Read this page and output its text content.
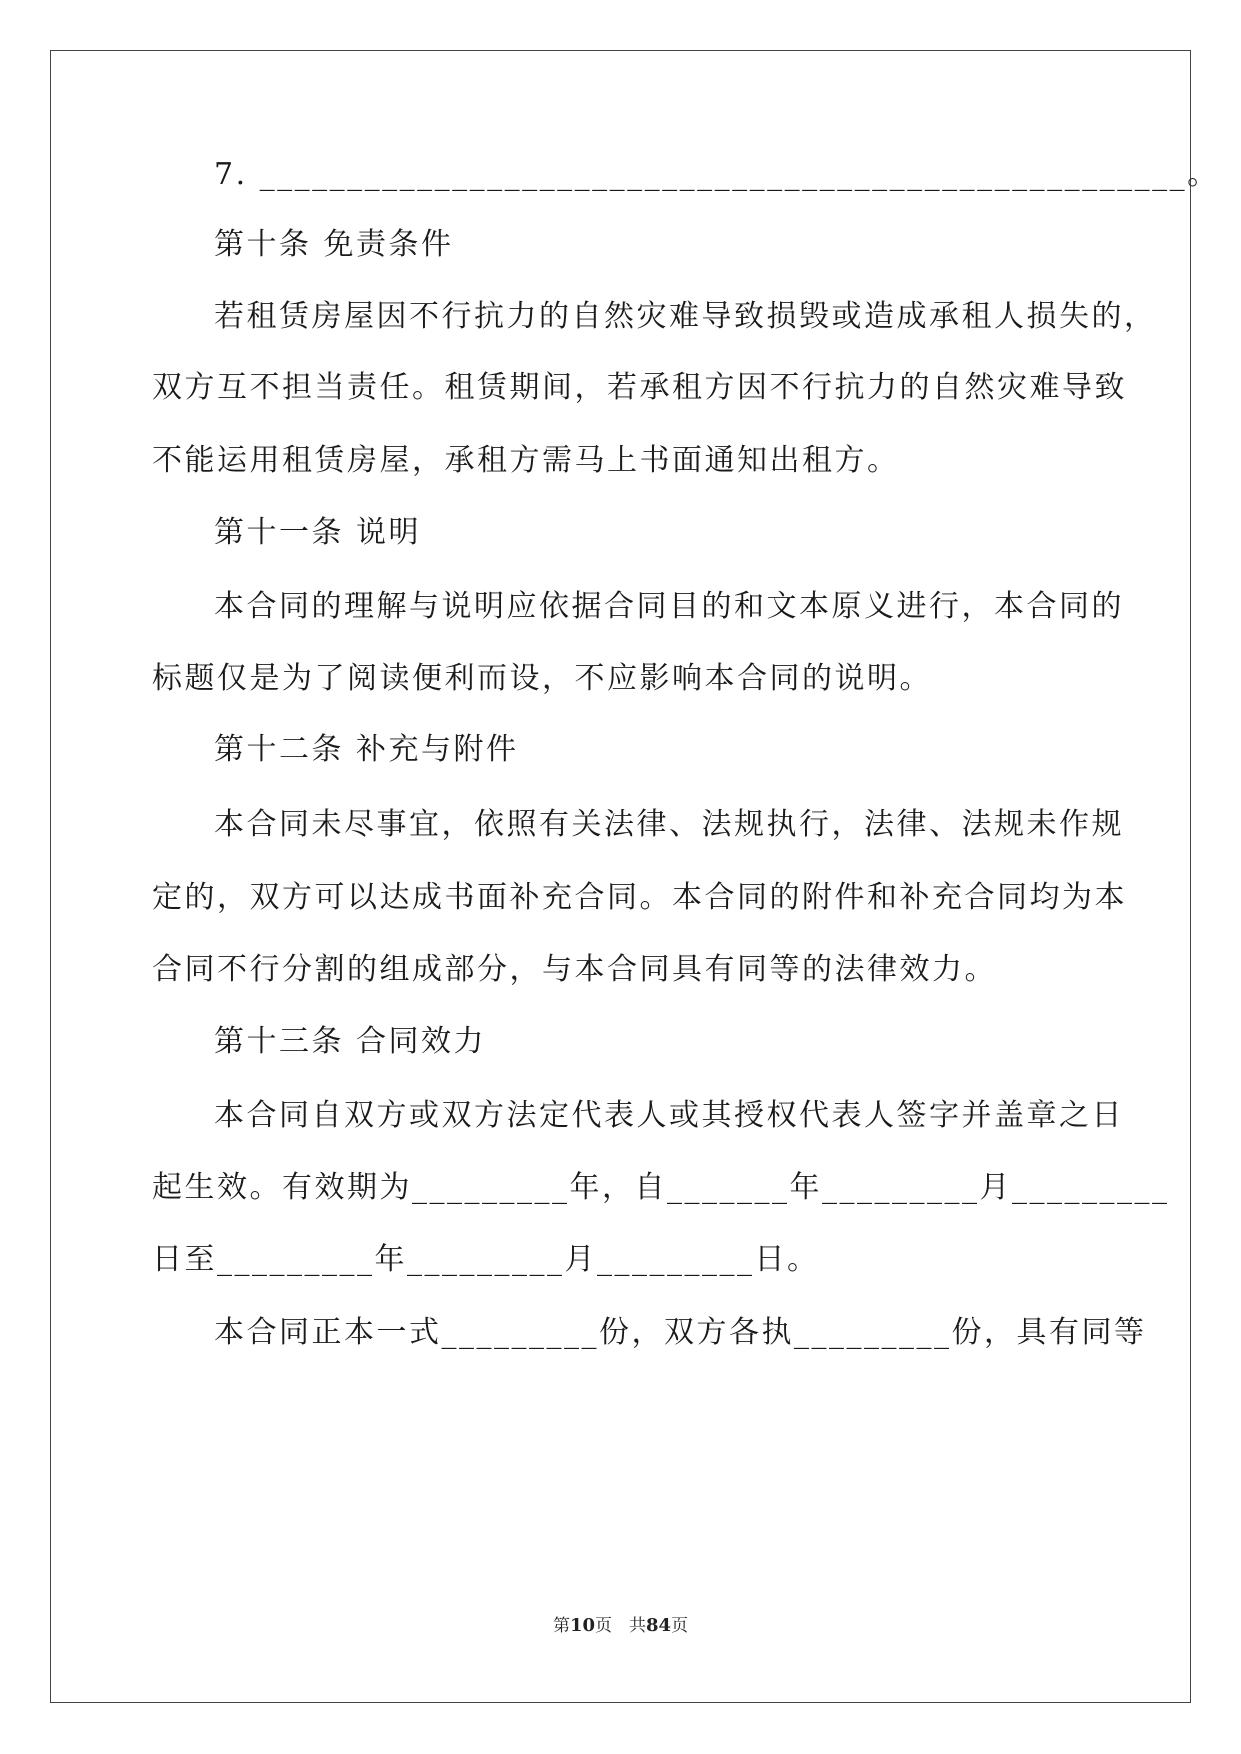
7. _____________________________________________________。
第十条 免责条件
若租赁房屋因不行抗力的自然灾难导致损毁或造成承租人损失的，
双方互不担当责任。租赁期间，若承租方因不行抗力的自然灾难导致
不能运用租赁房屋，承租方需马上书面通知出租方。
第十一条 说明
本合同的理解与说明应依据合同目的和文本原义进行，本合同的
标题仅是为了阅读便利而设，不应影响本合同的说明。
第十二条 补充与附件
本合同未尽事宜，依照有关法律、法规执行，法律、法规未作规
定的，双方可以达成书面补充合同。本合同的附件和补充合同均为本
合同不行分割的组成部分，与本合同具有同等的法律效力。
第十三条 合同效力
本合同自双方或双方法定代表人或其授权代表人签字并盖章之日
起生效。有效期为_________年，自_______年_________月_________
日至_________年_________月_________日。
本合同正本一式_________份，双方各执_________份，具有同等
第10页　共84页
